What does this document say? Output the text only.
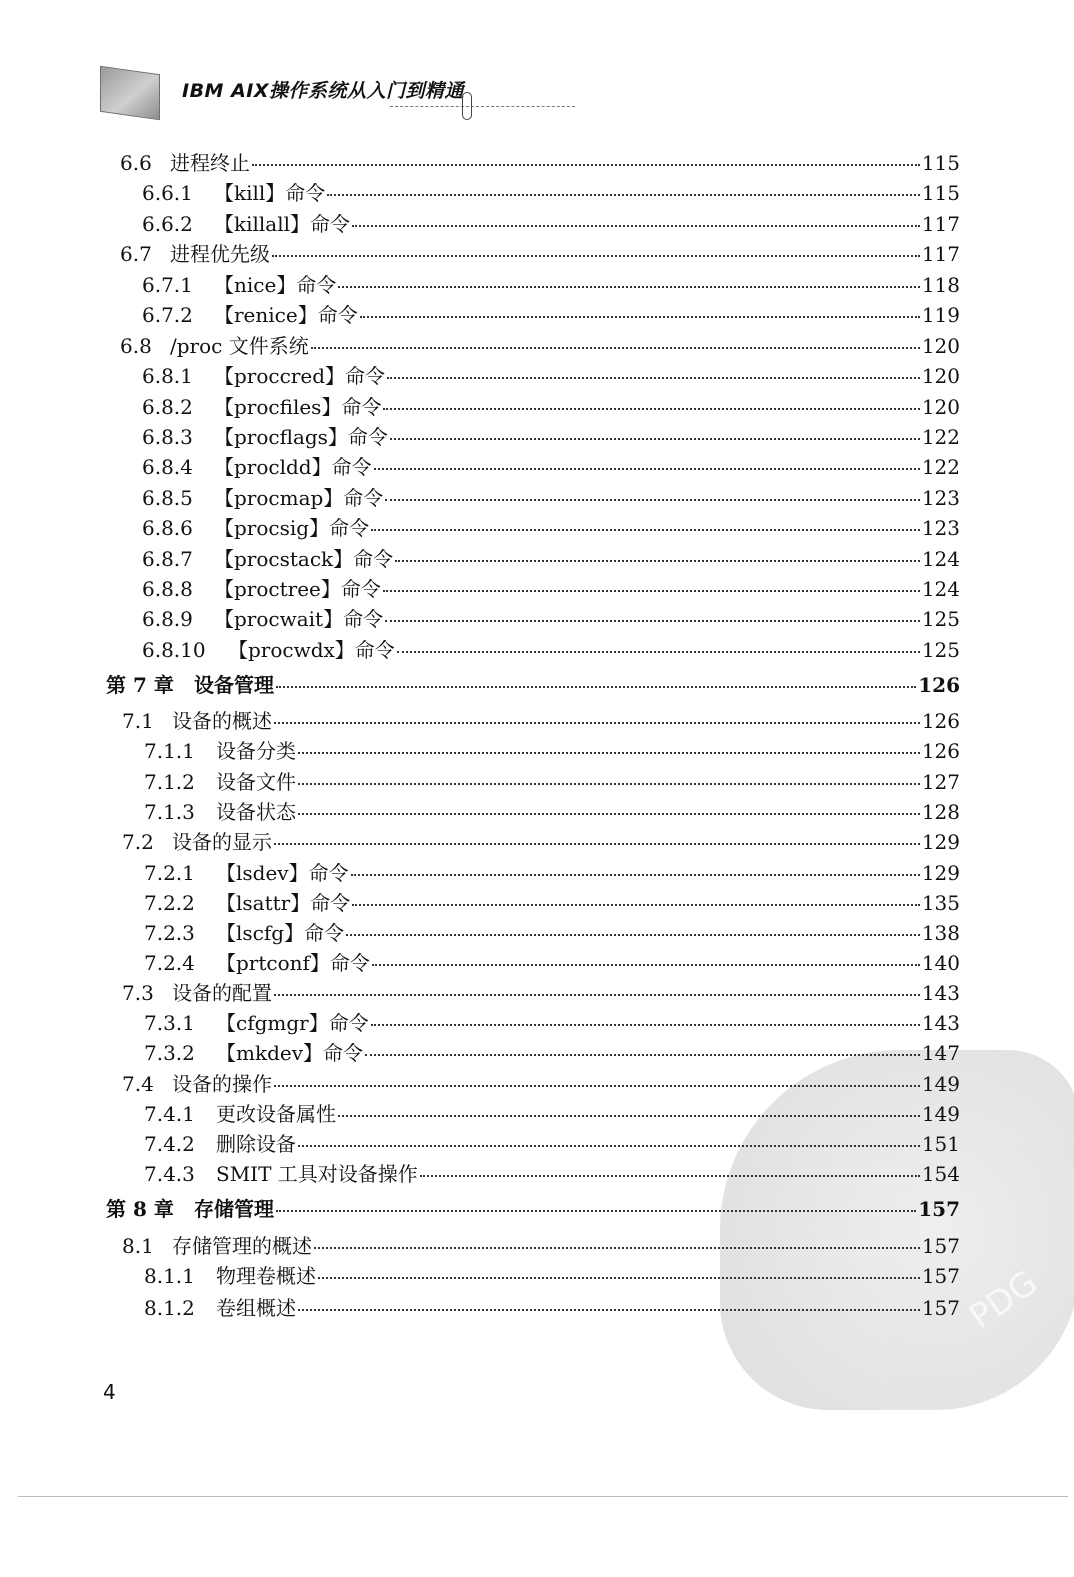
IBM AIX操作系统从入门到精通
PDG
6.6 进程终止	115
6.6.1	【kill】命令	115
6.6.2	【killall】命令	117
6.7 进程优先级	117
6.7.1	【nice】命令	118
6.7.2	【renice】命令	119
6.8 /proc 文件系统	120
6.8.1	【proccred】命令	120
6.8.2	【procfiles】命令	120
6.8.3	【procflags】命令	122
6.8.4	【procldd】命令	122
6.8.5	【procmap】命令	123
6.8.6	【procsig】命令	123
6.8.7	【procstack】命令	124
6.8.8	【proctree】命令	124
6.8.9	【procwait】命令	125
6.8.10	【procwdx】命令	125
第 7 章	设备管理	126
7.1 设备的概述	126
7.1.1	设备分类	126
7.1.2	设备文件	127
7.1.3	设备状态	128
7.2 设备的显示	129
7.2.1	【lsdev】命令	129
7.2.2	【lsattr】命令	135
7.2.3	【lscfg】命令	138
7.2.4	【prtconf】命令	140
7.3 设备的配置	143
7.3.1	【cfgmgr】命令	143
7.3.2	【mkdev】命令	147
7.4 设备的操作	149
7.4.1	更改设备属性	149
7.4.2	删除设备	151
7.4.3	SMIT 工具对设备操作	154
第 8 章	存储管理	157
8.1 存储管理的概述	157
8.1.1	物理卷概述	157
8.1.2	卷组概述	157
4
